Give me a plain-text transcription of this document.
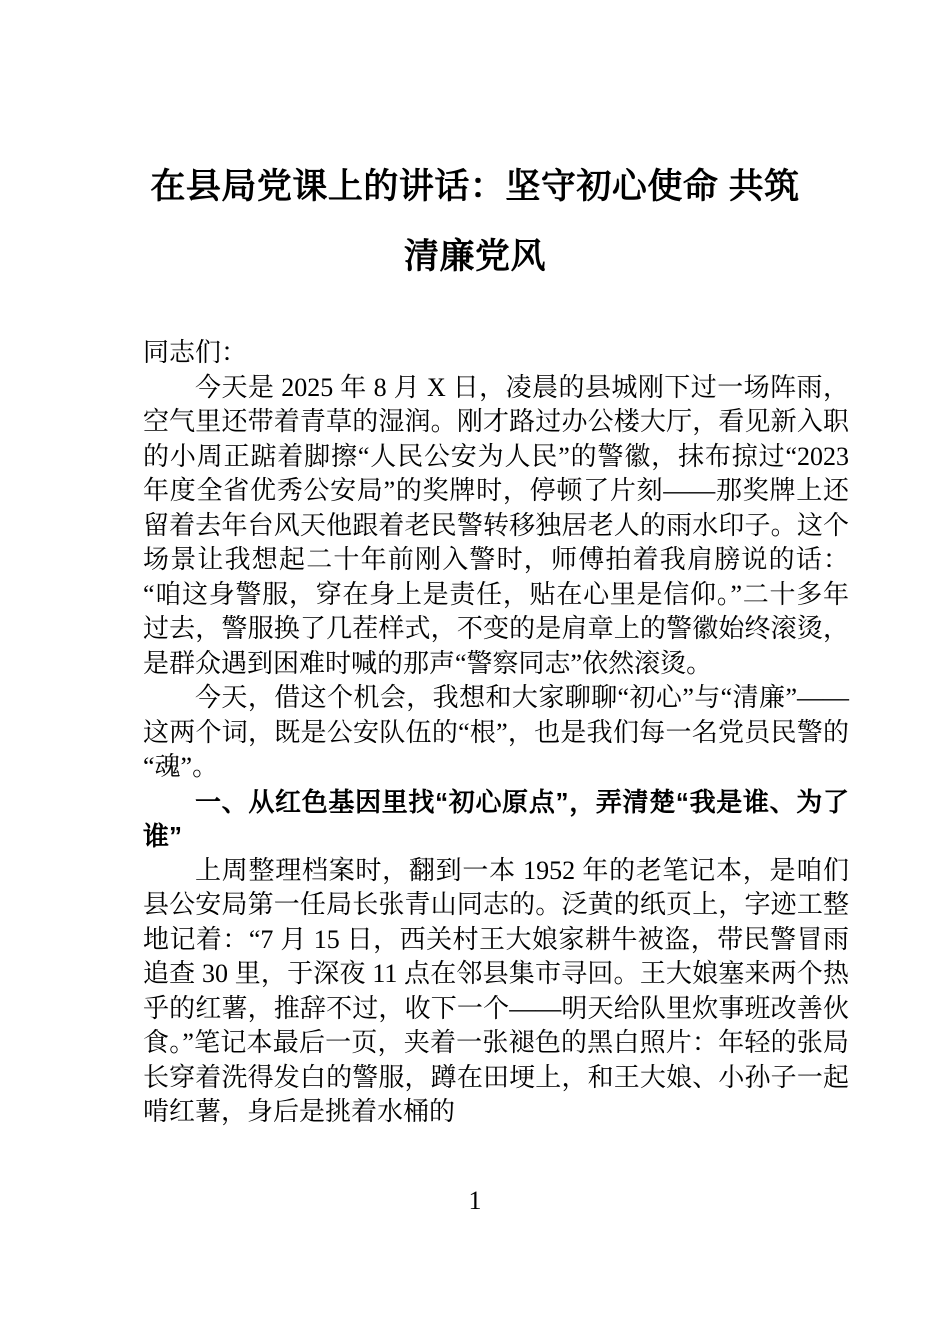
在县局党课上的讲话：坚守初心使命 共筑清廉党风

同志们：

今天是 2025 年 8 月 X 日，凌晨的县城刚下过一场阵雨，空气里还带着青草的湿润。刚才路过办公楼大厅，看见新入职的小周正踮着脚擦“人民公安为人民”的警徽，抹布掠过“2023 年度全省优秀公安局”的奖牌时，停顿了片刻——那奖牌上还留着去年台风天他跟着老民警转移独居老人的雨水印子。这个场景让我想起二十年前刚入警时，师傅拍着我肩膀说的话：“咱这身警服，穿在身上是责任，贴在心里是信仰。”二十多年过去，警服换了几茬样式，不变的是肩章上的警徽始终滚烫，是群众遇到困难时喊的那声“警察同志”依然滚烫。

今天，借这个机会，我想和大家聊聊“初心”与“清廉”——这两个词，既是公安队伍的“根”，也是我们每一名党员民警的“魂”。

一、从红色基因里找“初心原点”，弄清楚“我是谁、为了谁”

上周整理档案时，翻到一本 1952 年的老笔记本，是咱们县公安局第一任局长张青山同志的。泛黄的纸页上，字迹工整地记着：“7 月 15 日，西关村王大娘家耕牛被盗，带民警冒雨追查 30 里，于深夜 11 点在邻县集市寻回。王大娘塞来两个热乎的红薯，推辞不过，收下一个——明天给队里炊事班改善伙食。”笔记本最后一页，夹着一张褪色的黑白照片：年轻的张局长穿着洗得发白的警服，蹲在田埂上，和王大娘、小孙子一起啃红薯，身后是挑着水桶的

1
